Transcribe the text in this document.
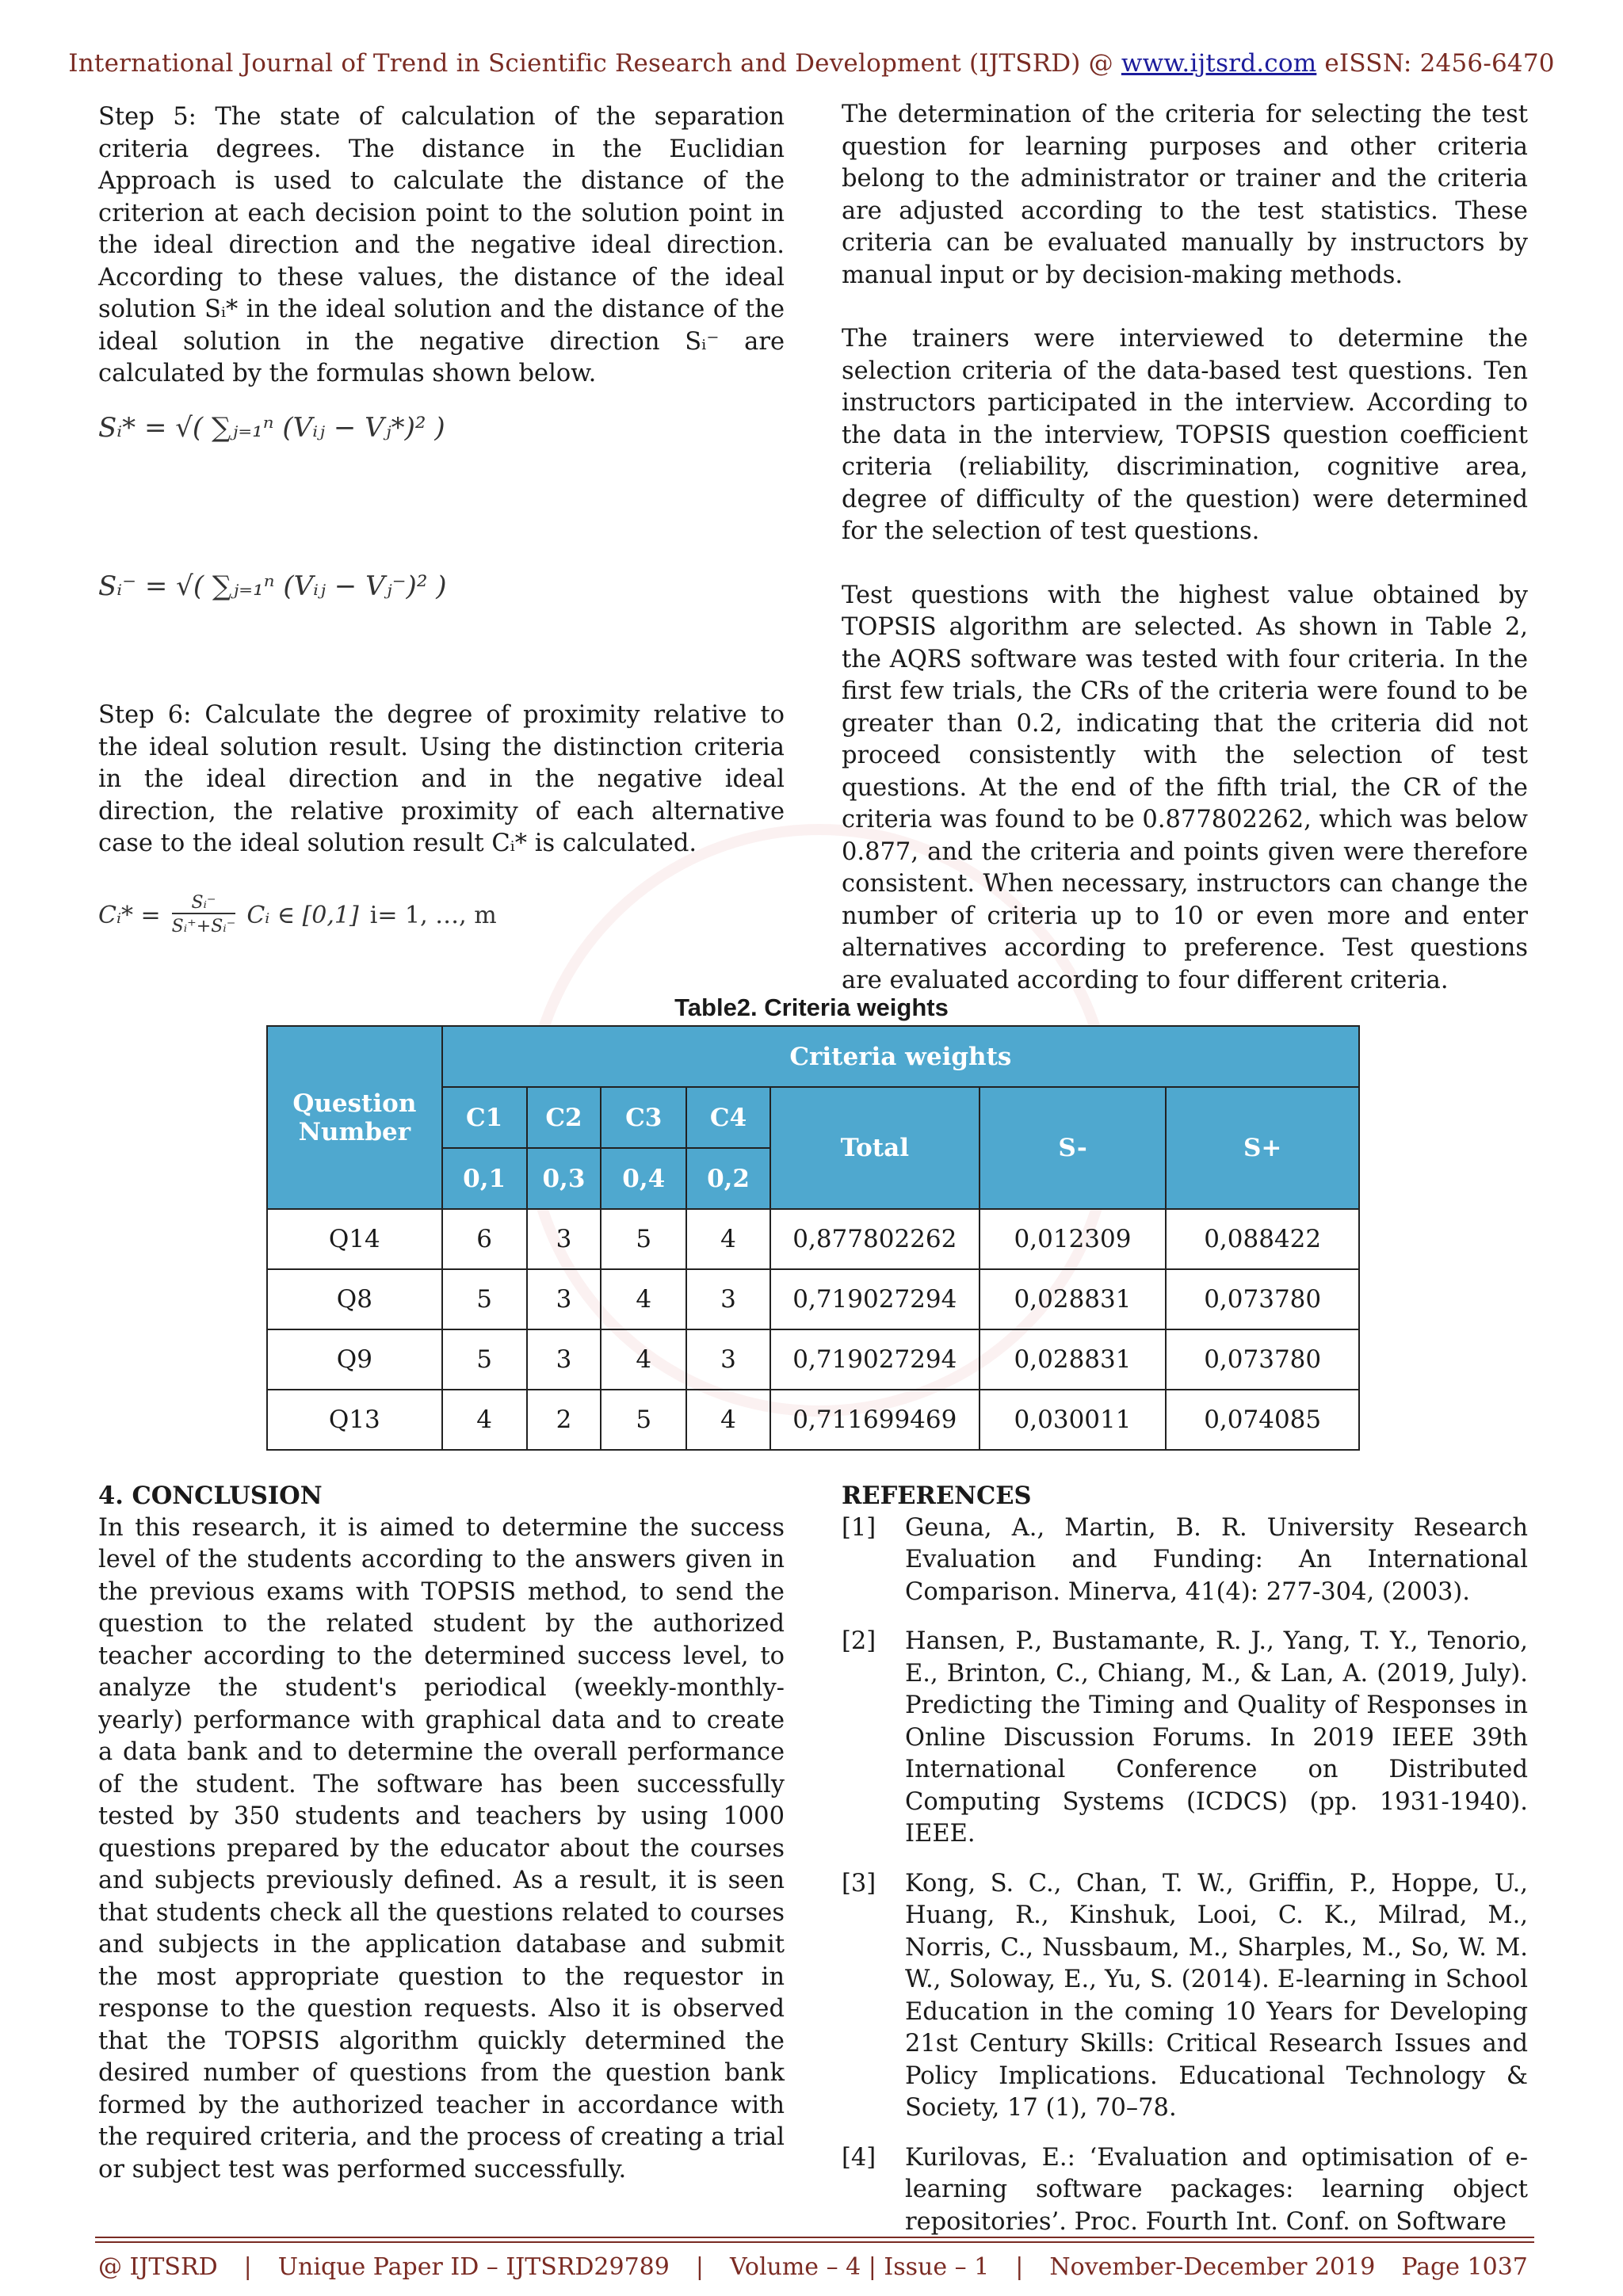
International Journal of Trend in Scientific Research and Development (IJTSRD) @ www.ijtsrd.com eISSN: 2456-6470

Step 5: The state of calculation of the separation criteria degrees. The distance in the Euclidian Approach is used to calculate the distance of the criterion at each decision point to the solution point in the ideal direction and the negative ideal direction. According to these values, the distance of the ideal solution Sᵢ* in the ideal solution and the distance of the ideal solution in the negative direction Sᵢ⁻ are calculated by the formulas shown below.

Sᵢ* = √( ∑ⱼ₌₁ⁿ (Vᵢⱼ − Vⱼ*)² )
Sᵢ⁻ = √( ∑ⱼ₌₁ⁿ (Vᵢⱼ − Vⱼ⁻)² )

Step 6: Calculate the degree of proximity relative to the ideal solution result. Using the distinction criteria in the ideal direction and in the negative ideal direction, the relative proximity of each alternative case to the ideal solution result Cᵢ* is calculated.

Cᵢ* = $\frac{\text{Sᵢ⁻}}{\text{Sᵢ⁺+Sᵢ⁻}}$ Cᵢ ∈ [0,1] i= 1, …, m

The determination of the criteria for selecting the test question for learning purposes and other criteria belong to the administrator or trainer and the criteria are adjusted according to the test statistics. These criteria can be evaluated manually by instructors by manual input or by decision-making methods.

The trainers were interviewed to determine the selection criteria of the data-based test questions. Ten instructors participated in the interview. According to the data in the interview, TOPSIS question coefficient criteria (reliability, discrimination, cognitive area, degree of difficulty of the question) were determined for the selection of test questions.

Test questions with the highest value obtained by TOPSIS algorithm are selected. As shown in Table 2, the AQRS software was tested with four criteria. In the first few trials, the CRs of the criteria were found to be greater than 0.2, indicating that the criteria did not proceed consistently with the selection of test questions. At the end of the fifth trial, the CR of the criteria was found to be 0.877802262, which was below 0.877, and the criteria and points given were therefore consistent. When necessary, instructors can change the number of criteria up to 10 or even more and enter alternatives according to preference. Test questions are evaluated according to four different criteria.

Table2. Criteria weights
Question Number	Criteria weights						
	C1	C2	C3	C4	Total	S-	S+
	0,1	0,3	0,4	0,2			
Q14	6	3	5	4	0,877802262	0,012309	0,088422
Q8	5	3	4	3	0,719027294	0,028831	0,073780
Q9	5	3	4	3	0,719027294	0,028831	0,073780
Q13	4	2	5	4	0,711699469	0,030011	0,074085

4. CONCLUSION

In this research, it is aimed to determine the success level of the students according to the answers given in the previous exams with TOPSIS method, to send the question to the related student by the authorized teacher according to the determined success level, to analyze the student's periodical (weekly-monthly-yearly) performance with graphical data and to create a data bank and to determine the overall performance of the student. The software has been successfully tested by 350 students and teachers by using 1000 questions prepared by the educator about the courses and subjects previously defined. As a result, it is seen that students check all the questions related to courses and subjects in the application database and submit the most appropriate question to the requestor in response to the question requests. Also it is observed that the TOPSIS algorithm quickly determined the desired number of questions from the question bank formed by the authorized teacher in accordance with the required criteria, and the process of creating a trial or subject test was performed successfully.

REFERENCES

[1]	Geuna, A., Martin, B. R. University Research Evaluation and Funding: An International Comparison. Minerva, 41(4): 277-304, (2003).
[2]	Hansen, P., Bustamante, R. J., Yang, T. Y., Tenorio, E., Brinton, C., Chiang, M., & Lan, A. (2019, July). Predicting the Timing and Quality of Responses in Online Discussion Forums. In 2019 IEEE 39th International Conference on Distributed Computing Systems (ICDCS) (pp. 1931-1940). IEEE.
[3]	Kong, S. C., Chan, T. W., Griffin, P., Hoppe, U., Huang, R., Kinshuk, Looi, C. K., Milrad, M., Norris, C., Nussbaum, M., Sharples, M., So, W. M. W., Soloway, E., Yu, S. (2014). E-learning in School Education in the coming 10 Years for Developing 21st Century Skills: Critical Research Issues and Policy Implications. Educational Technology & Society, 17 (1), 70–78.
[4]	Kurilovas, E.: ‘Evaluation and optimisation of e-learning software packages: learning object repositories’. Proc. Fourth Int. Conf. on Software
@ IJTSRD | Unique Paper ID – IJTSRD29789 | Volume – 4 | Issue – 1 | November-December 2019 Page 1037
